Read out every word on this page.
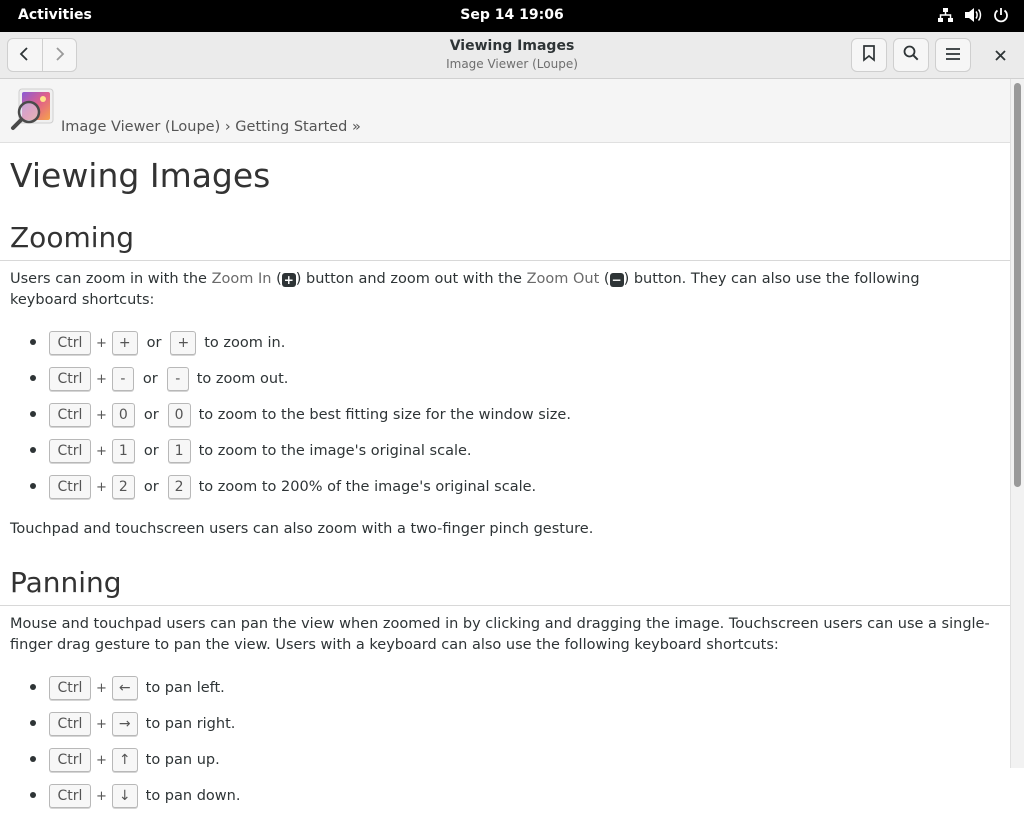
Activities	Sep 14 19:06
Viewing Images
Image Viewer (Loupe)
Image Viewer (Loupe) › Getting Started »
Viewing Images
Zooming

Users can zoom in with the Zoom In ( + ) button and zoom out with the Zoom Out ( − ) button. They can also use the following keyboard shortcuts:

Ctrl	+ +	or	+	to zoom in.
Ctrl	+ -	or	-	to zoom out.
Ctrl	+ 0	or	0	to zoom to the best fitting size for the window size.
Ctrl	+ 1	or	1	to zoom to the image's original scale.
Ctrl	+ 2	or	2	to zoom to 200% of the image's original scale.

Touchpad and touchscreen users can also zoom with a two-finger pinch gesture.

Panning

Mouse and touchpad users can pan the view when zoomed in by clicking and dragging the image. Touchscreen users can use a single-finger drag gesture to pan the view. Users with a keyboard can also use the following keyboard shortcuts:

Ctrl	+ ←	to pan left.
Ctrl	+ →	to pan right.
Ctrl	+ ↑	to pan up.
Ctrl	+ ↓	to pan down.
